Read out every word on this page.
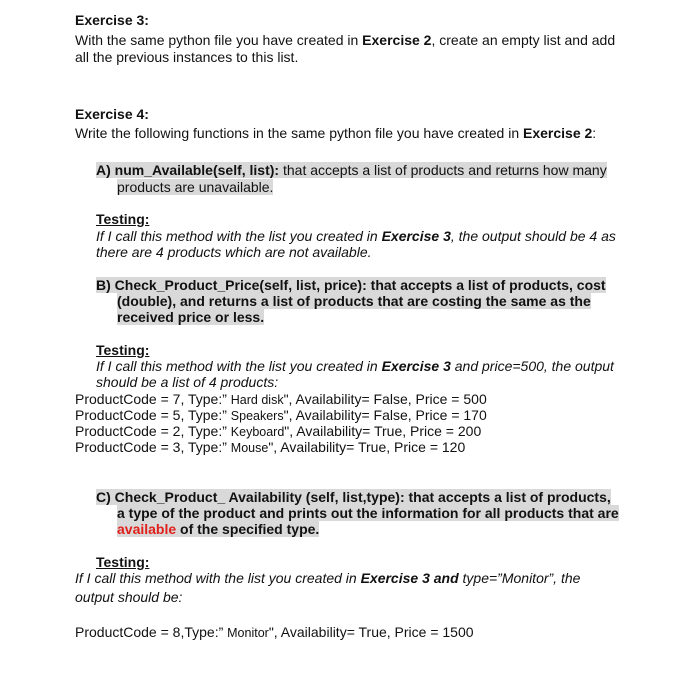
Exercise 3:
With the same python file you have created in Exercise 2, create an empty list and add
all the previous instances to this list.
Exercise 4:
Write the following functions in the same python file you have created in Exercise 2:
A) num_Available(self, list): that accepts a list of products and returns how many
products are unavailable.
Testing:
If I call this method with the list you created in Exercise 3, the output should be 4 as
there are 4 products which are not available.
B) Check_Product_Price(self, list, price): that accepts a list of products, cost
(double), and returns a list of products that are costing the same as the
received price or less.
Testing:
If I call this method with the list you created in Exercise 3 and price=500, the output
should be a list of 4 products:
ProductCode = 7, Type:” Hard disk", Availability= False, Price = 500
ProductCode = 5, Type:” Speakers", Availability= False, Price = 170
ProductCode = 2, Type:” Keyboard", Availability= True, Price = 200
ProductCode = 3, Type:” Mouse", Availability= True, Price = 120
C) Check_Product_ Availability (self, list,type): that accepts a list of products,
a type of the product and prints out the information for all products that are
available of the specified type.
Testing:
If I call this method with the list you created in Exercise 3 and type=”Monitor”, the
output should be:
ProductCode = 8,Type:” Monitor", Availability= True, Price = 1500
